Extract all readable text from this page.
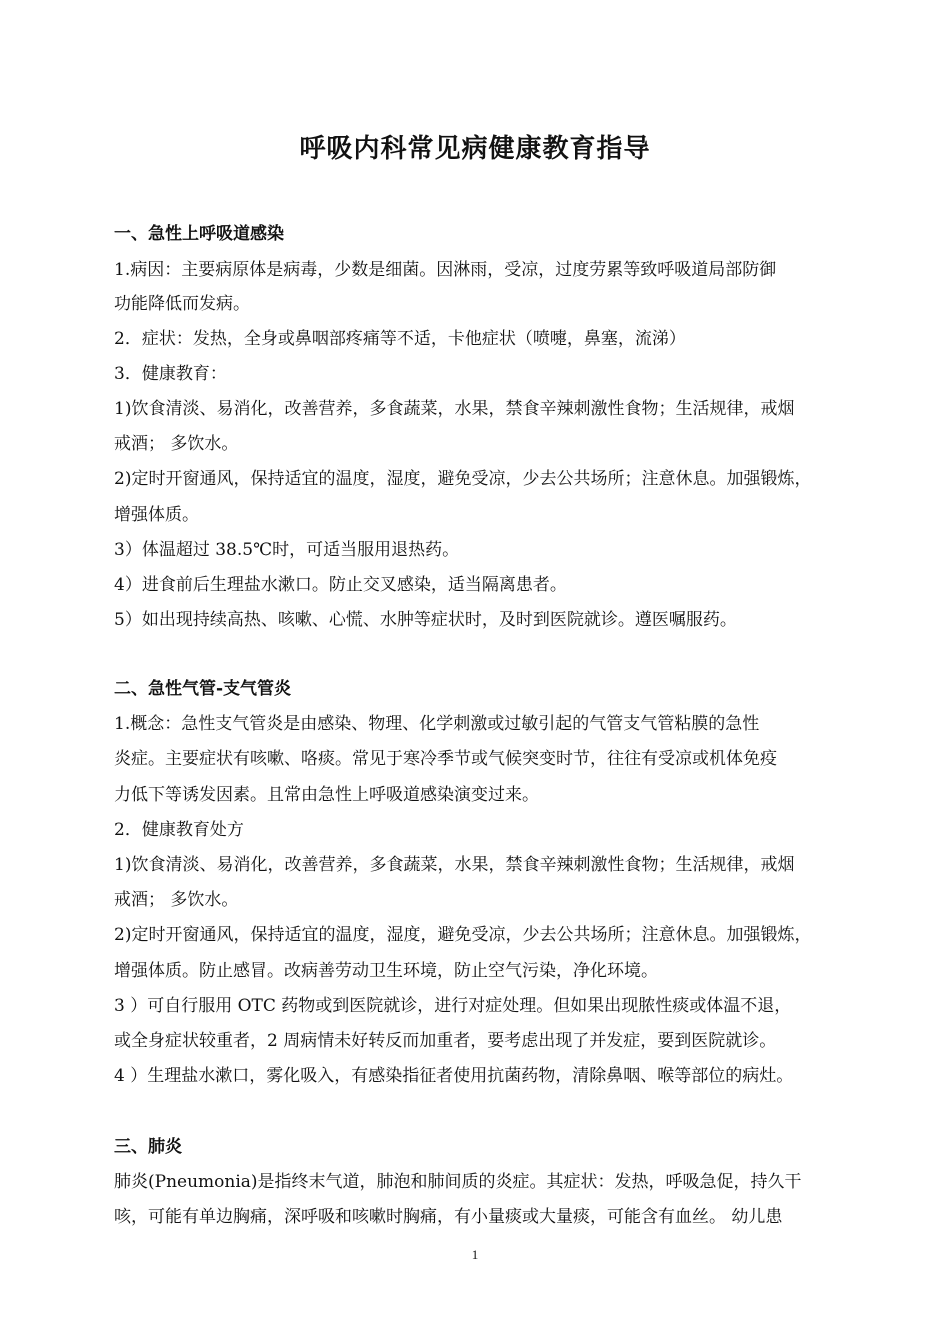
呼吸内科常见病健康教育指导
一、急性上呼吸道感染
1.病因：主要病原体是病毒，少数是细菌。因淋雨，受凉，过度劳累等致呼吸道局部防御
功能降低而发病。
2．症状：发热，全身或鼻咽部疼痛等不适，卡他症状（喷嚏，鼻塞，流涕）
3．健康教育：
1)饮食清淡、易消化，改善营养，多食蔬菜，水果，禁食辛辣刺激性食物；生活规律，戒烟
戒酒； 多饮水。
2)定时开窗通风，保持适宜的温度，湿度，避免受凉，少去公共场所；注意休息。加强锻炼，
增强体质。
3）体温超过 38.5℃时，可适当服用退热药。
4）进食前后生理盐水漱口。防止交叉感染，适当隔离患者。
5）如出现持续高热、咳嗽、心慌、水肿等症状时，及时到医院就诊。遵医嘱服药。
二、急性气管-支气管炎
1.概念：急性支气管炎是由感染、物理、化学刺激或过敏引起的气管支气管粘膜的急性
炎症。主要症状有咳嗽、咯痰。常见于寒冷季节或气候突变时节，往往有受凉或机体免疫
力低下等诱发因素。且常由急性上呼吸道感染演变过来。
2．健康教育处方
1)饮食清淡、易消化，改善营养，多食蔬菜，水果，禁食辛辣刺激性食物；生活规律，戒烟
戒酒； 多饮水。
2)定时开窗通风，保持适宜的温度，湿度，避免受凉，少去公共场所；注意休息。加强锻炼，
增强体质。防止感冒。改病善劳动卫生环境，防止空气污染，净化环境。
3 ）可自行服用 OTC 药物或到医院就诊，进行对症处理。但如果出现脓性痰或体温不退，
或全身症状较重者，2 周病情未好转反而加重者，要考虑出现了并发症，要到医院就诊。
4 ）生理盐水漱口，雾化吸入，有感染指征者使用抗菌药物，清除鼻咽、喉等部位的病灶。
三、肺炎
肺炎(Pneumonia)是指终末气道，肺泡和肺间质的炎症。其症状：发热，呼吸急促，持久干
咳，可能有单边胸痛，深呼吸和咳嗽时胸痛，有小量痰或大量痰，可能含有血丝。 幼儿患
1
